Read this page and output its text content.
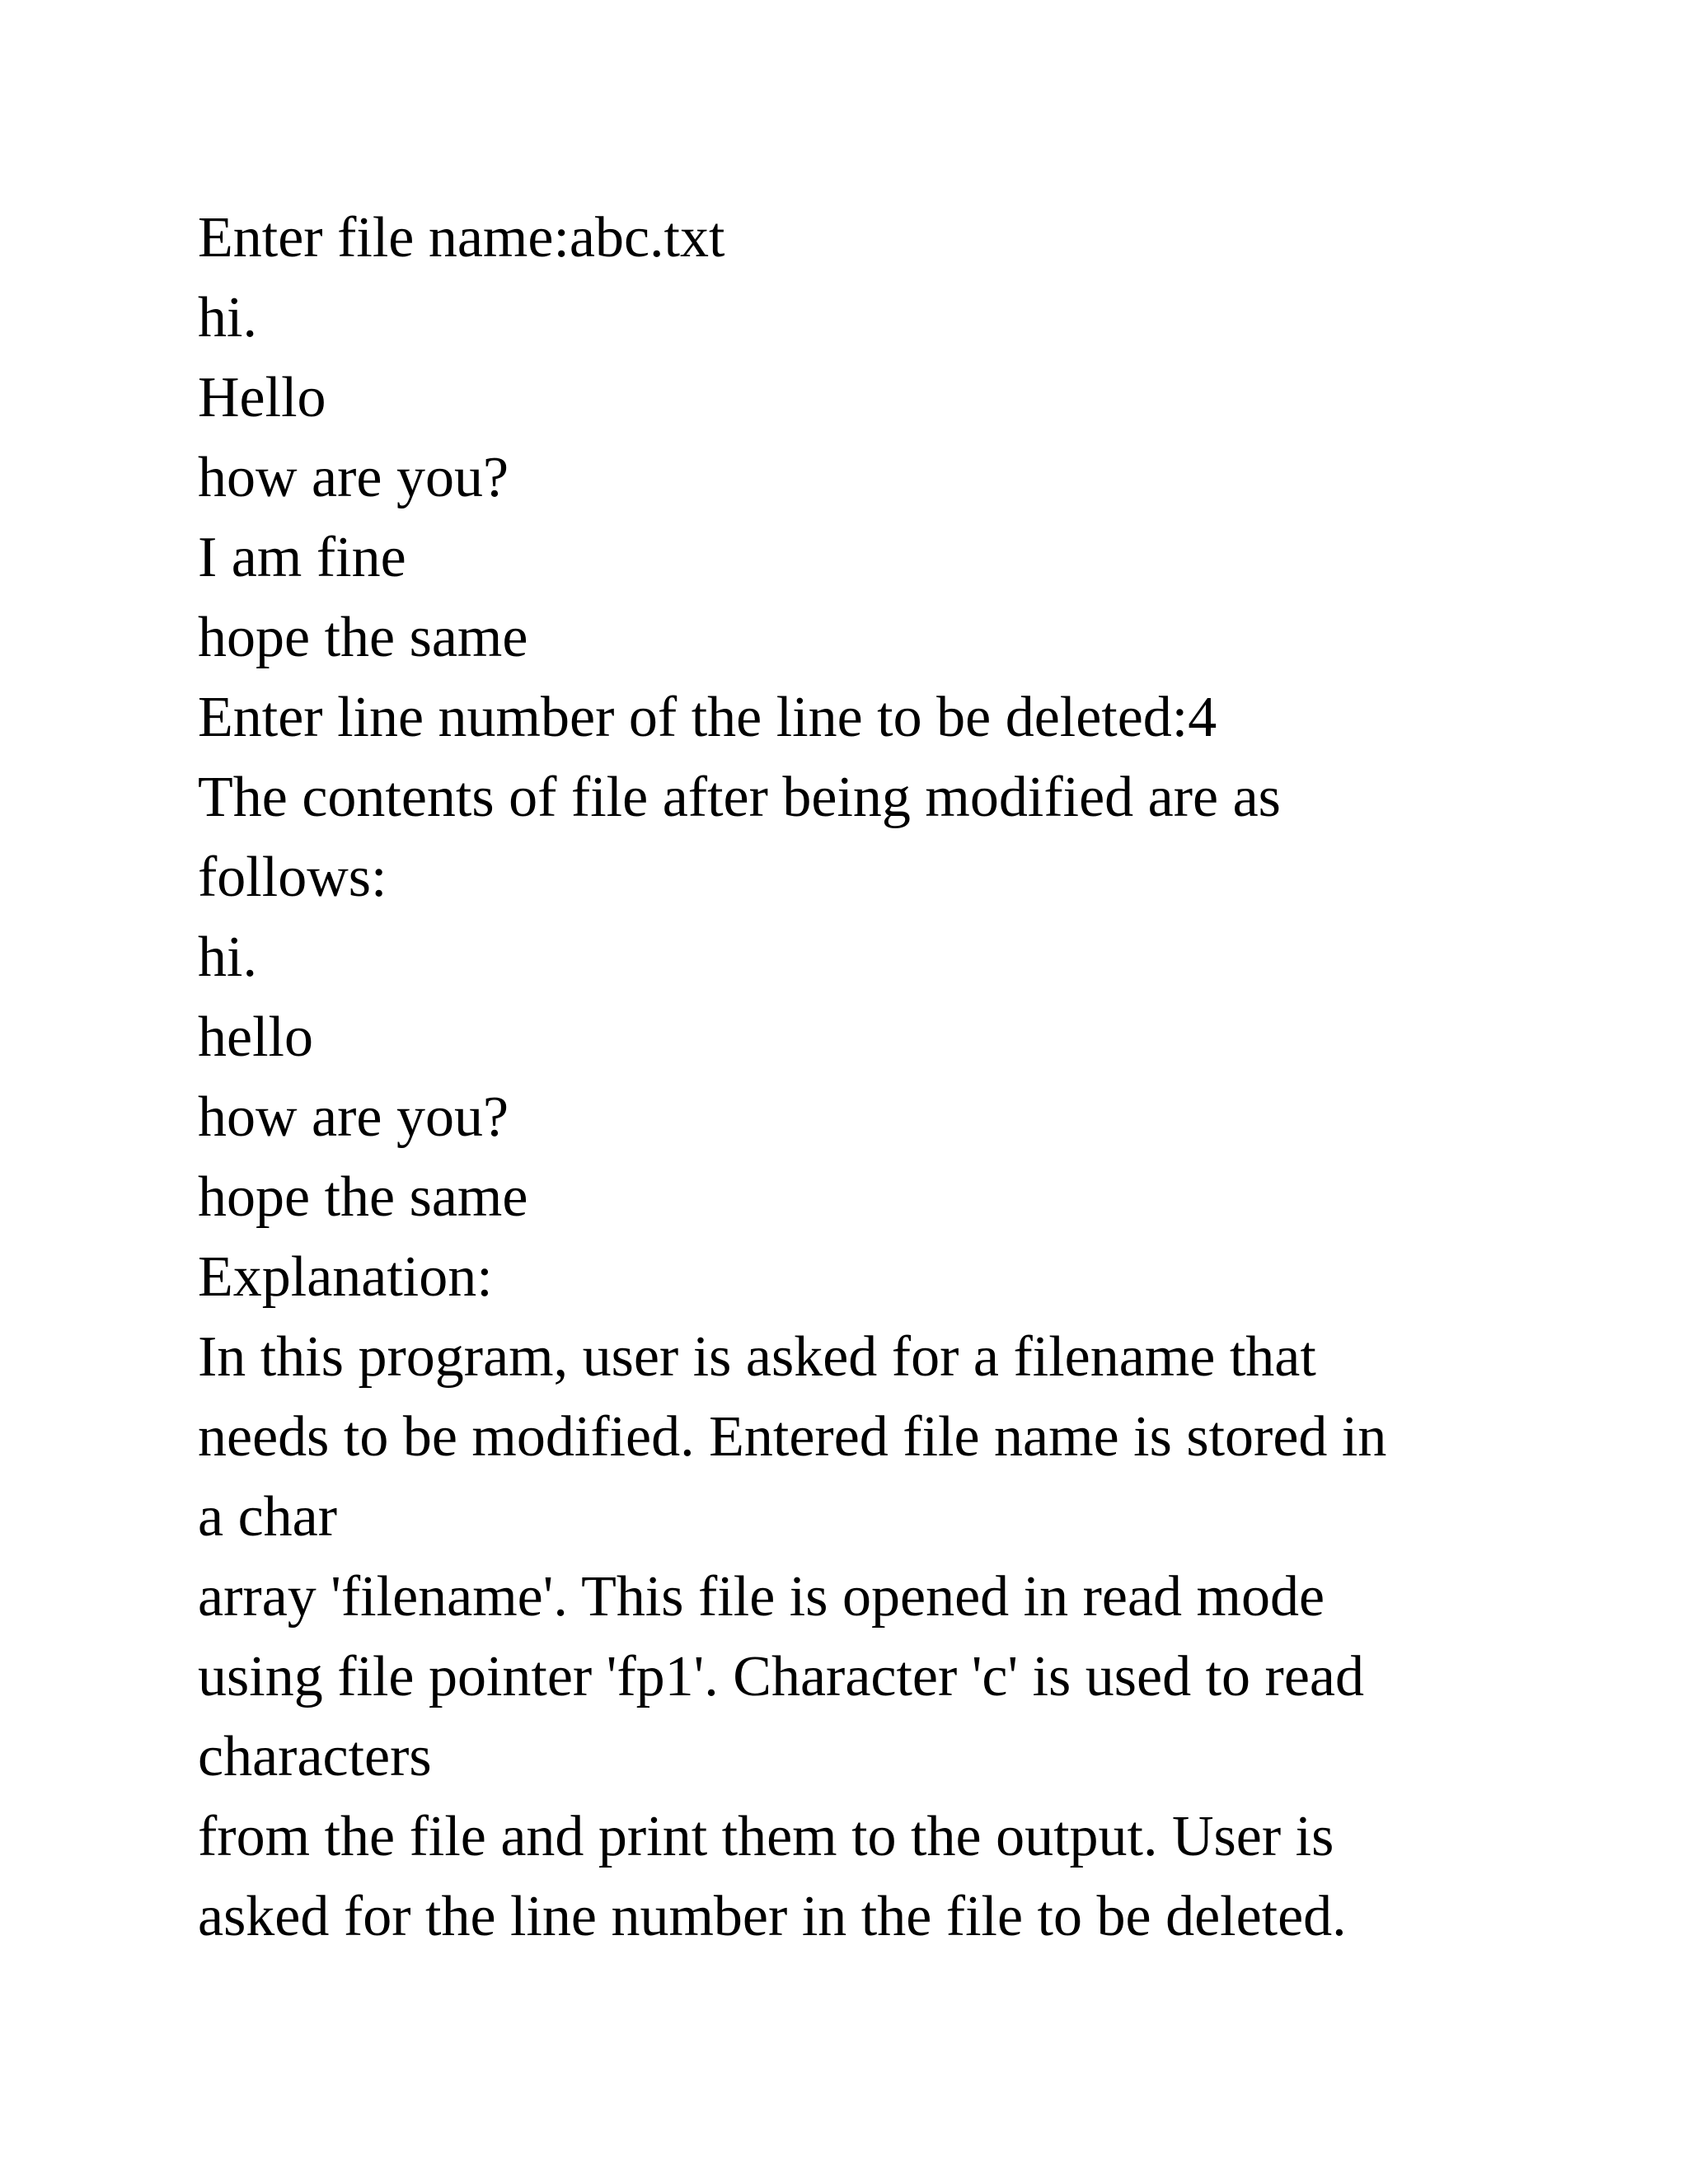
Enter file name:abc.txt
hi.
Hello
how are you?
I am fine
hope the same
Enter line number of the line to be deleted:4
The contents of file after being modified are as
follows:
hi.
hello
how are you?
hope the same
Explanation:
In this program, user is asked for a filename that
needs to be modified. Entered file name is stored in
a char
array 'filename'. This file is opened in read mode
using file pointer 'fp1'. Character 'c' is used to read
characters
from the file and print them to the output. User is
asked for the line number in the file to be deleted.
